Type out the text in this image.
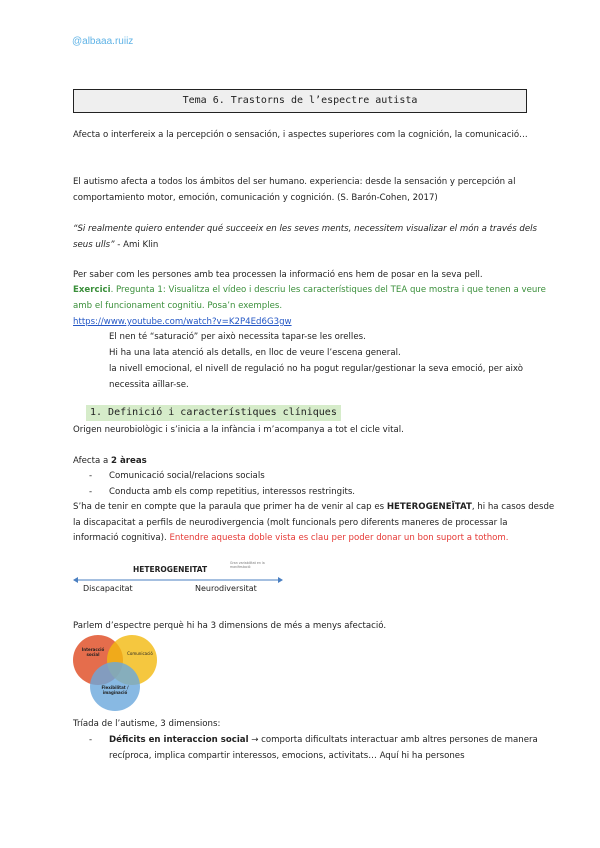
@albaaa.ruiiz
Tema 6. Trastorns de l’espectre autista
Afecta o interfereix a la percepción o sensación, i aspectes superiores com la cognición, la comunicació…
El autismo afecta a todos los ámbitos del ser humano. experiencia: desde la sensación y percepción al comportamiento motor, emoción, comunicación y cognición. (S. Barón-Cohen, 2017)
“Si realmente quiero entender qué succeeix en les seves ments, necessitem visualizar el món a través dels seus ulls” - Ami Klin
Per saber com les persones amb tea processen la informació ens hem de posar en la seva pell.
Exercici. Pregunta 1: Visualitza el vídeo i descriu les característiques del TEA que mostra i que tenen a veure amb el funcionament cognitiu. Posa’n exemples.
https://www.youtube.com/watch?v=K2P4Ed6G3gw
El nen té “saturació” per això necessita tapar-se les orelles.
Hi ha una lata atenció als detalls, en lloc de veure l’escena general.
la nivell emocional, el nivell de regulació no ha pogut regular/gestionar la seva emoció, per això necessita aïllar-se.
1. Definició i característiques clíniques
Origen neurobiològic i s’inicia a la infància i m’acompanya a tot el cicle vital.
Afecta a 2 àreas
- Comunicació social/relacions socials
- Conducta amb els comp repetitius, interessos restringits.
S’ha de tenir en compte que la paraula que primer ha de venir al cap es HETEROGENEÏTAT, hi ha casos desde la discapacitat a perfils de neurodivergencia (molt funcionals pero diferents maneres de processar la informació cognitiva). Entendre aquesta doble vista es clau per poder donar un bon suport a tothom.
HETEROGENEITAT
Gran variabilitat en la manifestació
Discapacitat	Neurodiversitat
Parlem d’espectre perquè hi ha 3 dimensions de més a menys afectació.
Interacció social	Comunicació
Flexibilitat / imaginació
Tríada de l’autisme, 3 dimensions:
- Déficits en interaccion social → comporta dificultats interactuar amb altres persones de manera recíproca, implica compartir interessos, emocions, activitats… Aquí hi ha persones
